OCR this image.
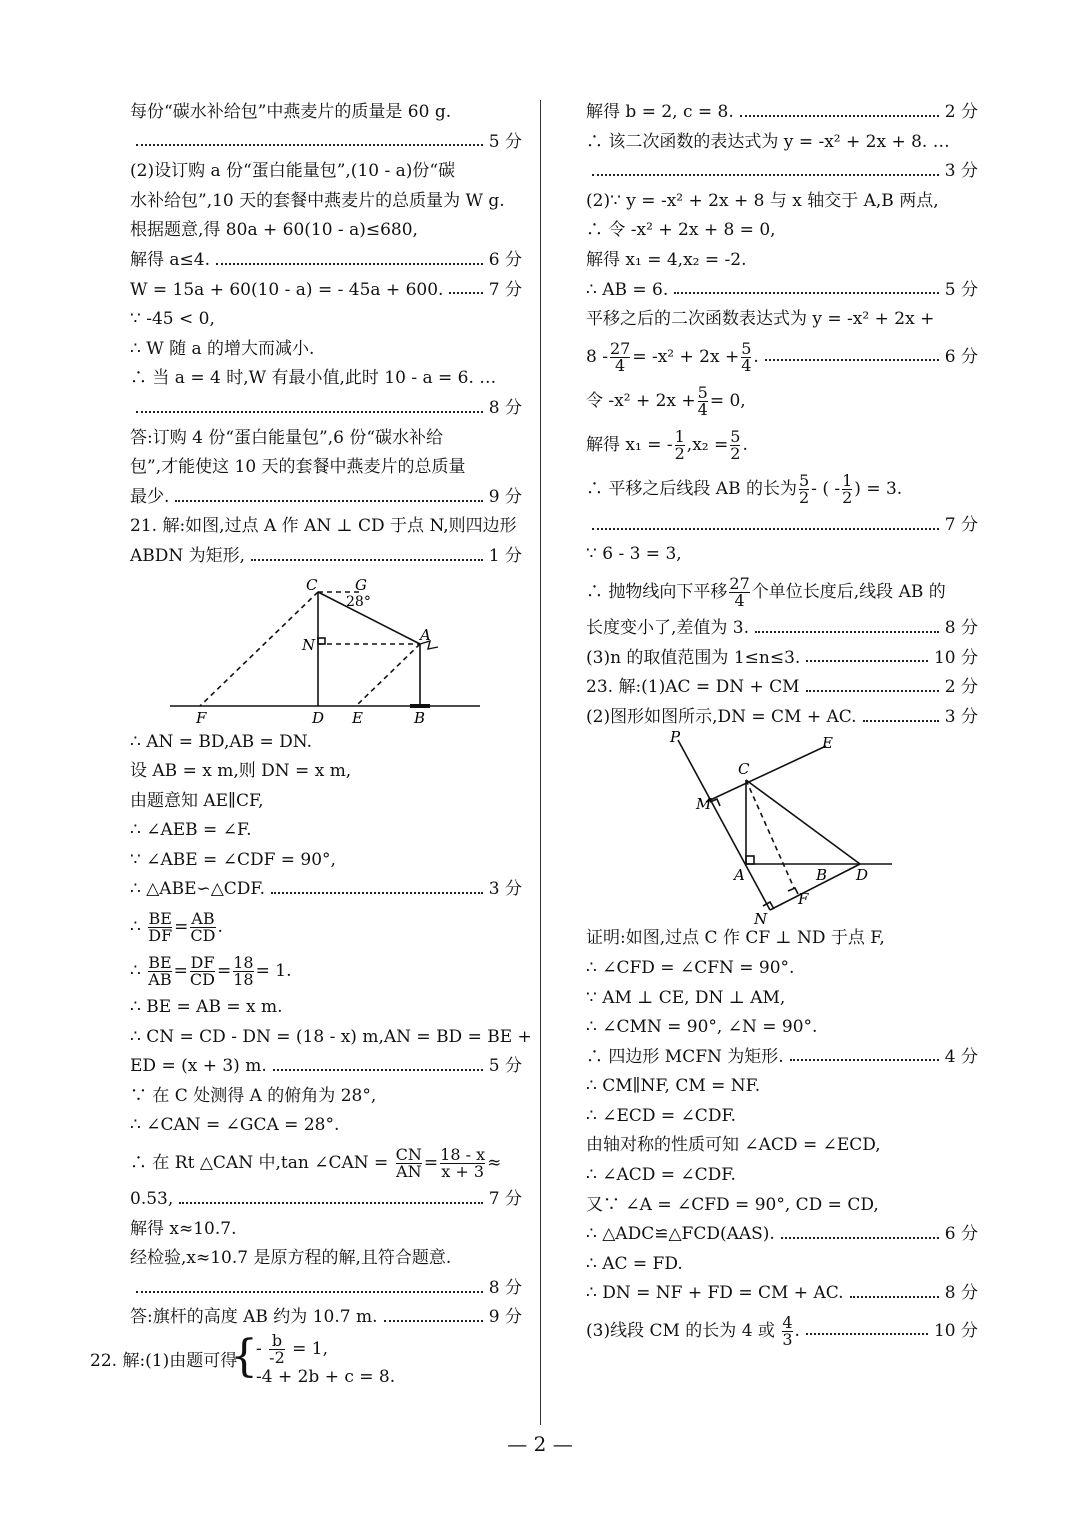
每份“碳水补给包”中燕麦片的质量是 60 g.
5 分
(2)设订购 a 份“蛋白能量包”,(10 - a)份“碳
水补给包”,10 天的套餐中燕麦片的总质量为 W g.
根据题意,得 80a + 60(10 - a)≤680,
解得 a≤4.	6 分
W = 15a + 60(10 - a) = - 45a + 600.	7 分
∵ -45 < 0,
∴ W 随 a 的增大而减小.
∴ 当 a = 4 时,W 有最小值,此时 10 - a = 6. …
8 分
答:订购 4 份“蛋白能量包”,6 份“碳水补给
包”,才能使这 10 天的套餐中燕麦片的总质量
最少.	9 分
21. 解:如图,过点 A 作 AN ⊥ CD 于点 N,则四边形
ABDN 为矩形,	1 分
C	G
28°
N
A
F	D E	B
∴ AN = BD,AB = DN.
设 AB = x m,则 DN = x m,
由题意知 AE∥CF,
∴ ∠AEB = ∠F.
∵ ∠ABE = ∠CDF = 90°,
∴ △ABE∽△CDF.	3 分
∴ $\frac{BE}{DF} = \frac{AB}{CD}$ .
∴ $\frac{BE}{AB} = \frac{DF}{CD} = \frac{18}{18} = 1$.
∴ BE = AB = x m.
∴ CN = CD - DN = (18 - x) m,AN = BD = BE +
ED = (x + 3) m.	5 分
∵ 在 C 处测得 A 的俯角为 28°,
∴ ∠CAN = ∠GCA = 28°.
∴ 在 Rt △CAN 中,tan ∠CAN = $\frac{CN}{AN} = \frac{18 - x}{x + 3}$ ≈
0.53,	7 分
解得 x≈10.7.
经检验,x≈10.7 是原方程的解,且符合题意.
8 分
答:旗杆的高度 AB 约为 10.7 m.	9 分
22. 解:(1)由题可得
{
- $\frac{b}{-2} = 1$,
-4 + 2b + c = 8.
解得 b = 2, c = 8.	2 分
∴ 该二次函数的表达式为 y = -x² + 2x + 8. …
3 分
(2)∵ y = -x² + 2x + 8 与 x 轴交于 A,B 两点,
∴ 令 -x² + 2x + 8 = 0,
解得 x₁ = 4,x₂ = -2.
∴ AB = 6.	5 分
平移之后的二次函数表达式为 y = -x² + 2x +
$8 - \frac{27}{4} = -x^2 + 2x + \frac{5}{4}$ .	6 分
令 $-x^2 + 2x + \frac{5}{4} = 0$,
解得 x₁ = - $\frac{1}{2} ,x_2 = \frac{5}{2}$ .
∴ 平移之后线段 AB 的长为 $\frac{5}{2}$ - ( - $\frac{1}{2}$ ) = 3.
7 分
∵ 6 - 3 = 3,
∴ 抛物线向下平移 $\frac{27}{4}$ 个单位长度后,线段 AB 的
长度变小了,差值为 3.	8 分
(3)n 的取值范围为 1≤n≤3.	10 分
23. 解:(1)AC = DN + CM	2 分
(2)图形如图所示,DN = CM + AC.	3 分
P	E
C
M
A	B D
F
N
证明:如图,过点 C 作 CF ⊥ ND 于点 F,
∴ ∠CFD = ∠CFN = 90°.
∵ AM ⊥ CE, DN ⊥ AM,
∴ ∠CMN = 90°, ∠N = 90°.
∴ 四边形 MCFN 为矩形.	4 分
∴ CM∥NF, CM = NF.
∴ ∠ECD = ∠CDF.
由轴对称的性质可知 ∠ACD = ∠ECD,
∴ ∠ACD = ∠CDF.
又∵ ∠A = ∠CFD = 90°, CD = CD,
∴ △ADC≌△FCD(AAS).	6 分
∴ AC = FD.
∴ DN = NF + FD = CM + AC.	8 分
(3)线段 CM 的长为 4 或 $\frac{4}{3}$ .	10 分
— 2 —
